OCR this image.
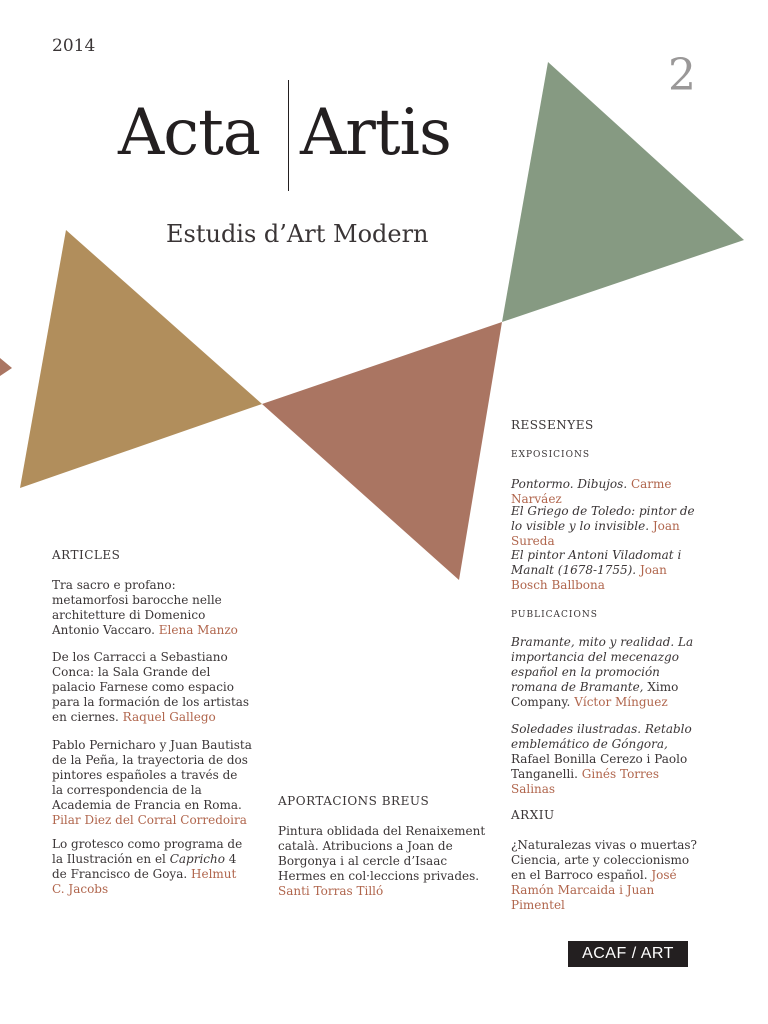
2014
2
Acta Artis
Estudis d’Art Modern
ARTICLES
Tra sacro e profano: metamorfosi barocche nelle architetture di Domenico Antonio Vaccaro. Elena Manzo
De los Carracci a Sebastiano Conca: la Sala Grande del palacio Farnese como espacio para la formación de los artistas en ciernes. Raquel Gallego
Pablo Pernicharo y Juan Bautista de la Peña, la trayectoria de dos pintores españoles a través de la correspondencia de la Academia de Francia en Roma. Pilar Diez del Corral Corredoira
Lo grotesco como programa de la Ilustración en el Capricho 4 de Francisco de Goya. Helmut C. Jacobs
APORTACIONS BREUS
Pintura oblidada del Renaixement català. Atribucions a Joan de Borgonya i al cercle d’Isaac Hermes en col·leccions privades. Santi Torras Tilló
RESSENYES
EXPOSICIONS
Pontormo. Dibujos. Carme Narváez
El Griego de Toledo: pintor de lo visible y lo invisible. Joan Sureda
El pintor Antoni Viladomat i Manalt (1678-1755). Joan Bosch Ballbona
PUBLICACIONS
Bramante, mito y realidad. La importancia del mecenazgo español en la promoción romana de Bramante, Ximo Company. Víctor Mínguez
Soledades ilustradas. Retablo emblemático de Góngora, Rafael Bonilla Cerezo i Paolo Tanganelli. Ginés Torres Salinas
ARXIU
¿Naturalezas vivas o muertas? Ciencia, arte y coleccionismo en el Barroco español. José Ramón Marcaida i Juan Pimentel
ACAF / ART
